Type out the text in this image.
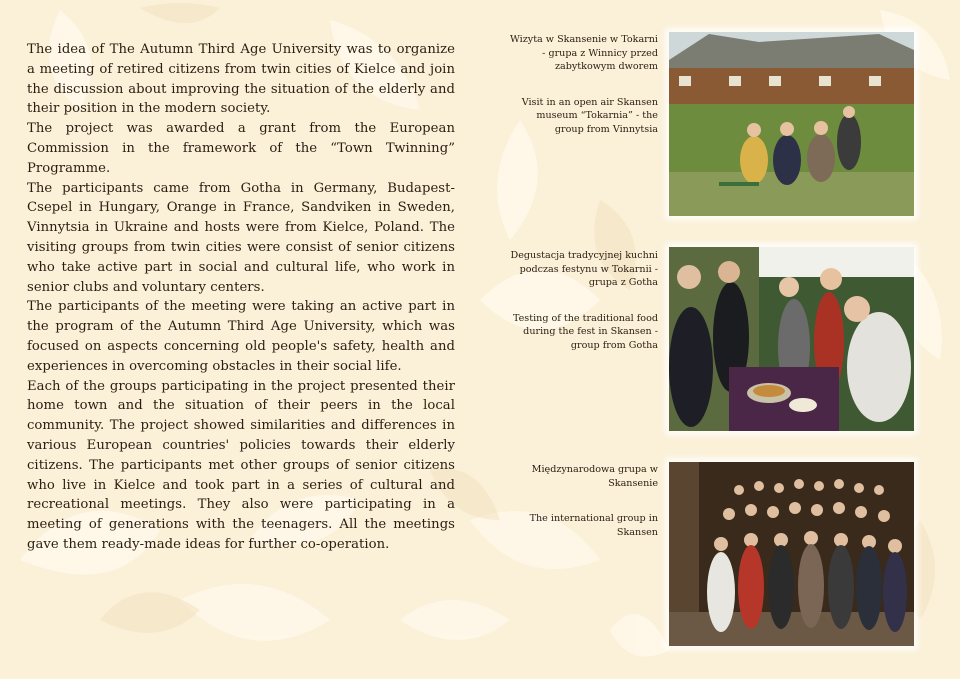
The idea of The Autumn Third Age University was to organize a meeting of retired citizens from twin cities of Kielce and join the discussion about improving the situation of the elderly and their position in the modern society.

The project was awarded a grant from the European Commission in the framework of the “Town Twinning” Programme.

The participants came from Gotha in Germany, Budapest-Csepel in Hungary, Orange in France, Sandviken in Sweden, Vinnytsia in Ukraine and hosts were from Kielce, Poland. The visiting groups from twin cities were consist of senior citizens who take active part in social and cultural life, who work in senior clubs and voluntary centers.

The participants of the meeting were taking an active part in the program of the Autumn Third Age University, which was focused on aspects concerning old people's safety, health and experiences in overcoming obstacles in their social life.

Each of the groups participating in the project presented their home town and the situation of their peers in the local community. The project showed similarities and differences in various European countries' policies towards their elderly citizens. The participants met other groups of senior citizens who live in Kielce and took part in a series of cultural and recreational meetings. They also were participating in a meeting of generations with the teenagers. All the meetings gave them ready-made ideas for further co-operation.

Wizyta w Skansenie w Tokarni - grupa z Winnicy przed zabytkowym dworem

Visit in an open air Skansen museum “Tokarnia” - the group from Vinnytsia

Degustacja tradycyjnej kuchni podczas festynu w Tokarnii - grupa z Gotha

Testing of the traditional food during the fest in Skansen - group from Gotha

Międzynarodowa grupa w Skansenie

The international group in Skansen
